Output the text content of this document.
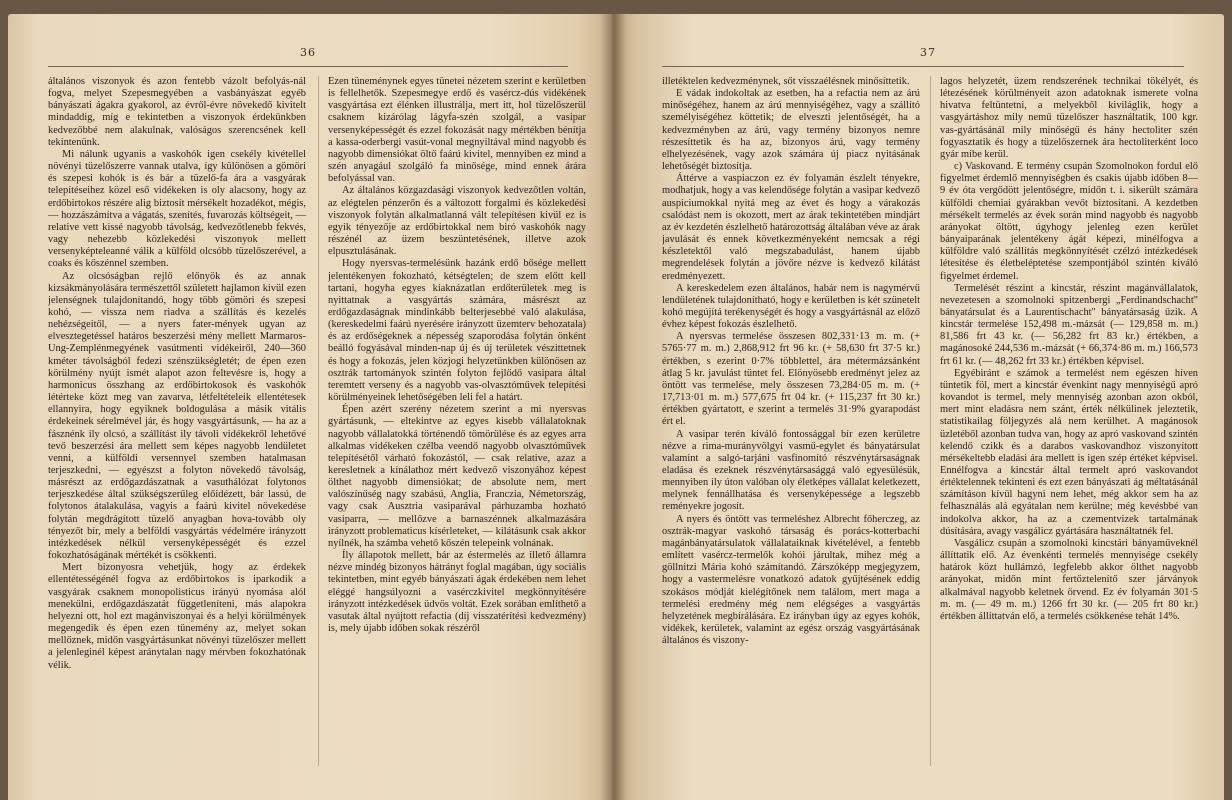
36

általános viszonyok és azon fentebb vázolt befolyás-nál fogva, melyet Szepesmegyében a vasbányászat egyéb bányászati ágakra gyakorol, az évről-évre növekedő kivitelt mindaddig, míg e tekintetben a viszonyok érdekünkben kedvezőbbé nem alakulnak, valóságos szerencsének kell tekintenünk.

Mi nálunk ugyanis a vaskohók igen csekély kivétellel növényi tüzelőszerre vannak utalva, így különösen a gömöri és szepesi kohók is és bár a tüzelő-fa ára a vasgyárak telepítéseihez közel eső vidékeken is oly alacsony, hogy az erdőbirtokos részére alig biztosít mérsékelt hozadékot, mégis, — hozzászámítva a vágatás, szenítés, fuvarozás költségeit, — relative vett kissé nagyobb távolság, kedvezőtlenebb fekvés, vagy nehezebb közlekedési viszonyok mellett versenyképteleanné válik a külföld olcsóbb tüzelőszerével, a coaks és kőszénnel szemben.

Az olcsóságban rejlő előnyök és az annak kizsákmányolására természettől született hajlamon kivül ezen jelenségnek tulajdonítandó, hogy több gömöri és szepesi kohó, — vissza nem riadva a szállítás és kezelés nehézségeitől, — a nyers fater-mények ugyan az elvesztegetéssel határos beszerzési mény mellett Marmaros-Ung-Zemplénmegyének vasútmenti vidékeiről, 240—360 kméter távolságból fedezi szénszükségletét; de épen ezen körülmény nyújt ismét alapot azon feltevésre is, hogy a harmonicus összhang az erdőbirtokosok és vaskohók létérteke közt meg van zavarva, létfeltételeik ellentétesek ellannyira, hogy egyiknek boldogulása a másik vitális érdekeinek sérelmével jár, és hogy vasgyártásunk, — ha az a fásznénk ily olcsó, a szállítást ily távoli vidékekről lehetővé tevő beszerzési ára mellett sem képes nagyobb lendületet venni, a külföldi versennyel szemben hatalmasan terjeszkedni, — egyészst a folyton növekedő távolság, másrészt az erdőgazdászatnak a vasuthálózat folytonos terjeszkedése által szükségszerűleg előidézett, bár lassú, de folytonos átalakulása, vagyis a faárú kivitel növekedése folytán megdrágított tüzelő anyagban hova-tovább oly tényezőt bír, mely a belföldi vasgyártás védelmére irányzott intézkedések nélkül versenyképességét és ezzel fokozhatóságának mértékét is csökkenti.

Mert bizonyosra vehetjük, hogy az érdekek ellentétességénél fogva az erdőbirtokos is iparkodik a vasgyárak csaknem monopolisticus irányú nyomása alól menekülni, erdőgazdászatát függetleníteni, más alapokra helyezni ott, hol ezt magánviszonyai és a helyi körülmények megengedik és épen ezen tünemény az, melyet sokan mellőznek, midőn vasgyártásunkat növényi tüzelőszer mellett a jelenleginél képest aránytalan nagy mérvben fokozhatónak vélik.

Ezen tüneménynek egyes tünetei nézetem szerint e kerületben is fellelhetők. Szepesmegye erdő és vasércz-dús vidékének vasgyártása ezt élénken illustrálja, mert itt, hol tüzelőszerül csaknem kizárólag lágyfa-szén szolgál, a vasipar versenyképességét és ezzel fokozását nagy mértékben bénítja a kassa-oderbergi vasút-vonal megnyiltával mind nagyobb és nagyobb dimensiókat öltő faárú kivitel, mennyiben ez mind a szén anyagául szolgáló fa minősége, mind ennek árára befolyással van.

Az általános közgazdasági viszonyok kedvezőtlen voltán, az elégtelen pénzerőn és a változott forgalmi és közlekedési viszonyok folytán alkalmatlanná vált telepítésen kivül ez is egyik tényezője az erdőbirtokkal nem biró vaskohók nagy részénél az üzem beszüntetésének, illetve azok elpusztulásának.

Hogy nyersvas-termelésünk hazánk erdő bősége mellett jelentékenyen fokozható, kétségtelen; de szem előtt kell tartani, hogyha egyes kiaknázatlan erdőterületek meg is nyittatnak a vasgyártás számára, másrészt az erdőgazdaságnak mindinkább belterjesebbé való alakulása, (kereskedelmi faárú nyerésére irányzott üzemterv behozatala) és az erdőségeknek a népesség szaporodása folytán önként beálló fogyásával minden-nap új és új területek vészittetnek és hogy a fokozás, jelen közjogi helyzetünkben különösen az osztrák tartományok szintén folyton fejlődő vasipara által teremtett verseny és a nagyobb vas-olvasztóművek telepítési körülményeinek lehetőségében leli fel a határt.

Épen azért szerény nézetem szerint a mi nyersvas gyártásunk, — eltekintve az egyes kisebb vállalatoknak nagyobb vállalatokká történendő tömörülése és az egyes arra alkalmas vidékeken czélba veendő nagyobb olvasztóművek telepítésétől várható fokozástól, — csak relative, azaz a keresletnek a kínálathoz mért kedvező viszonyához képest ölthet nagyobb dimensiókat; de absolute nem, mert valószínűség nagy szabású, Anglia, Franczia, Németország, vagy csak Ausztria vasiparával párhuzamba hozható vasiparra, — mellőzve a barnaszénnek alkalmazására irányzott problematicus kísérleteket, — kilátásunk csak akkor nyílnék, ha számba vehető kőszén telepeink volnának.

Íly állapotok mellett, bár az éstermelés az illető államra nézve mindég bizonyos hátrányt foglal magában, úgy sociális tekintetben, mint egyéb bányászati ágak érdekében nem lehet eléggé hangsúlyozni a vasérczkivitel megkönnyítésére irányzott intézkedések üdvös voltát. Ezek sorában említhető a vasutak által nyújtott refactia (díj visszatérítési kedvezmény) is, mely újabb időben sokak részéről

37

illetéktelen kedvezménynek, sőt visszaélésnek minősíttetik.

E vádak indokoltak az esetben, ha a refactia nem az árú minőségéhez, hanem az árú mennyiségéhez, vagy a szállító személyiségéhez köttetik; de elveszti jelentőségét, ha a kedvezményben az árú, vagy termény bizonyos nemre részesíttetik és ha az, bizonyos árú, vagy termény elhelyezésének, vagy azok számára új piacz nyitásának lehetőségét biztosítja.

Áttérve a vaspiaczon ez év folyamán észlelt tényekre, modhatjuk, hogy a vas kelendősége folytán a vasipar kedvező auspiciumokkal nyitá meg az évet és hogy a várakozás csalódást nem is okozott, mert az árak tekintetében mindjárt az év kezdetén észlelhető határozottság általában véve az árak javulását és ennek következményeként nemcsak a régi készletektől való megszabadulást, hanem újabb megrendelések folytán a jövőre nézve is kedvező kilátást eredményezett.

A kereskedelem ezen általános, habár nem is nagymérvű lendületének tulajdonítható, hogy e kerületben is két szünetelt kohó megújítá terékenységét és hogy a vasgyártásnál az előző évhez képest fokozás észlelhető.

A nyersvas termelése összesen 802,331·13 m. m. (+ 5765·77 m. m.) 2,868,912 frt 96 kr. (+ 58,630 frt 37·5 kr.) értékben, s ezerint 0·7% többlettel, ára métermázsánként átlag 5 kr. javulást tüntet fel. Elönyösebb eredményt jelez az öntött vas termelése, mely összesen 73,284·05 m. m. (+ 17,713·01 m. m.) 577,675 frt 04 kr. (+ 115,237 frt 30 kr.) értékben gyártatott, e szerint a termelés 31·9% gyarapodást ért el.

A vasipar terén kiváló fontossággal bír ezen kerületre nézve a rima-murányvölgyi vasmű-egylet és bányatársulat valamint a salgó-tarjáni vasfinomító részvénytársaságnak eladása és ezeknek részvénytársasággá való egyesülésük, mennyiben ily úton valóban oly életképes vállalat keletkezett, melynek fennállhatása és versenyképessége a legszebb reményekre jogosít.

A nyers és öntött vas termeléshez Albrecht főherczeg, az osztrák-magyar vaskohó társaság és porács-kotterbachi magánbányatársulatok vállalataiknak kivételével, a fentebb említett vasércz-termelők kohói járultak, mihez még a göllnitzi Mária kohó számítandó. Zárszóképp megjegyzem, hogy a vastermelésre vonatkozó adatok gyűjtésének eddig szokásos módját kielégítőnek nem találom, mert maga a termelési eredmény még nem elégséges a vasgyártás helyzetének megbírálására. Ez irányban úgy az egyes kohók, vidékek, kerületek, valamint az egész ország vasgyártásának általános és viszony-

lagos helyzetét, üzem rendszerének technikai tökélyét, és létezésének körülményeit azon adatoknak ismerete volna hivatva feltüntetni, a melyekből kiviláglik, hogy a vasgyártáshoz mily nemű tüzelőszer használtatik, 100 kgr. vas-gyártásánál mily minőségű és hány hectoliter szén fogyasztatik és hogy a tüzelőszernek ára hectoliterként loco gyár mibe kerül.

c) Vaskovand. E termény csupán Szomolnokon fordul elő figyelmet érdemlő mennyiségben és csakis újabb időben 8—9 év óta vergődött jelentőségre, midőn t. i. sikerült számára külföldi chemiai gyárakban vevőt biztosítani. A kezdetben mérsékelt termelés az évek során mind nagyobb és nagyobb arányokat öltött, úgyhogy jelenleg ezen kerület bányaiparának jelentékeny ágát képezi, minélfogva a külföldre való szállítás megkönnyítését czélzó intézkedések létesítése és életbeléptetése szempontjából szintén kiváló figyelmet érdemel.

Termelését részint a kincstár, részint magánvállalatok, nevezetesen a szomolnoki spitzenbergi „Ferdinandschacht" bányatársulat és a Laurentischacht" bányatársaság űzik. A kincstár termelése 152,498 m.-mázsát (— 129,858 m. m.) 81,586 frt 43 kr. (— 56,282 frt 83 kr.) értékben, a magánosoké 244,536 m.-mázsát (+ 66,374·86 m. m.) 166,573 frt 61 kr. (— 48,262 frt 33 kr.) értékben képvisel.

Egyébiránt e számok a termelést nem egészen híven tüntetik föl, mert a kincstár évenkint nagy mennyiségű apró kovandot is termel, mely mennyiség azonban azon okból, mert mint eladásra nem szánt, érték nélkülinek jeleztetik, statistikailag följegyzés alá nem kerülhet. A magánosok üzletéből azonban tudva van, hogy az apró vaskovand szintén kelendő czikk és a darabos vaskovandhoz viszonyított mérsékeltebb eladási ára mellett is igen szép értéket képvisel. Ennélfogva a kincstár által termelt apró vaskovandot értéktelennek tekinteni és ezt ezen bányászati ág méltatásánál számításon kívül hagyni nem lehet, még akkor sem ha az felhasználás alá egyátalan nem kerülne; még kevésbbé van indokolva akkor, ha az a czementvizek tartalmának dúsítására, avagy vasgálicz gyártására használtatnék fel.

Vasgálicz csupán a szomolnoki kincstári bányaműveknél állíttatik elő. Az évenkénti termelés mennyisége csekély határok közt hullámzó, legfelebb akkor ölthet nagyobb arányokat, midőn mint fertőztelenítő szer járványok alkalmával nagyobb keletnek örvend. Ez év folyamán 301·5 m. m. (— 49 m. m.) 1266 frt 30 kr. (— 205 frt 80 kr.) értékben állíttatván elő, a termelés csökkenése tehát 14%.
